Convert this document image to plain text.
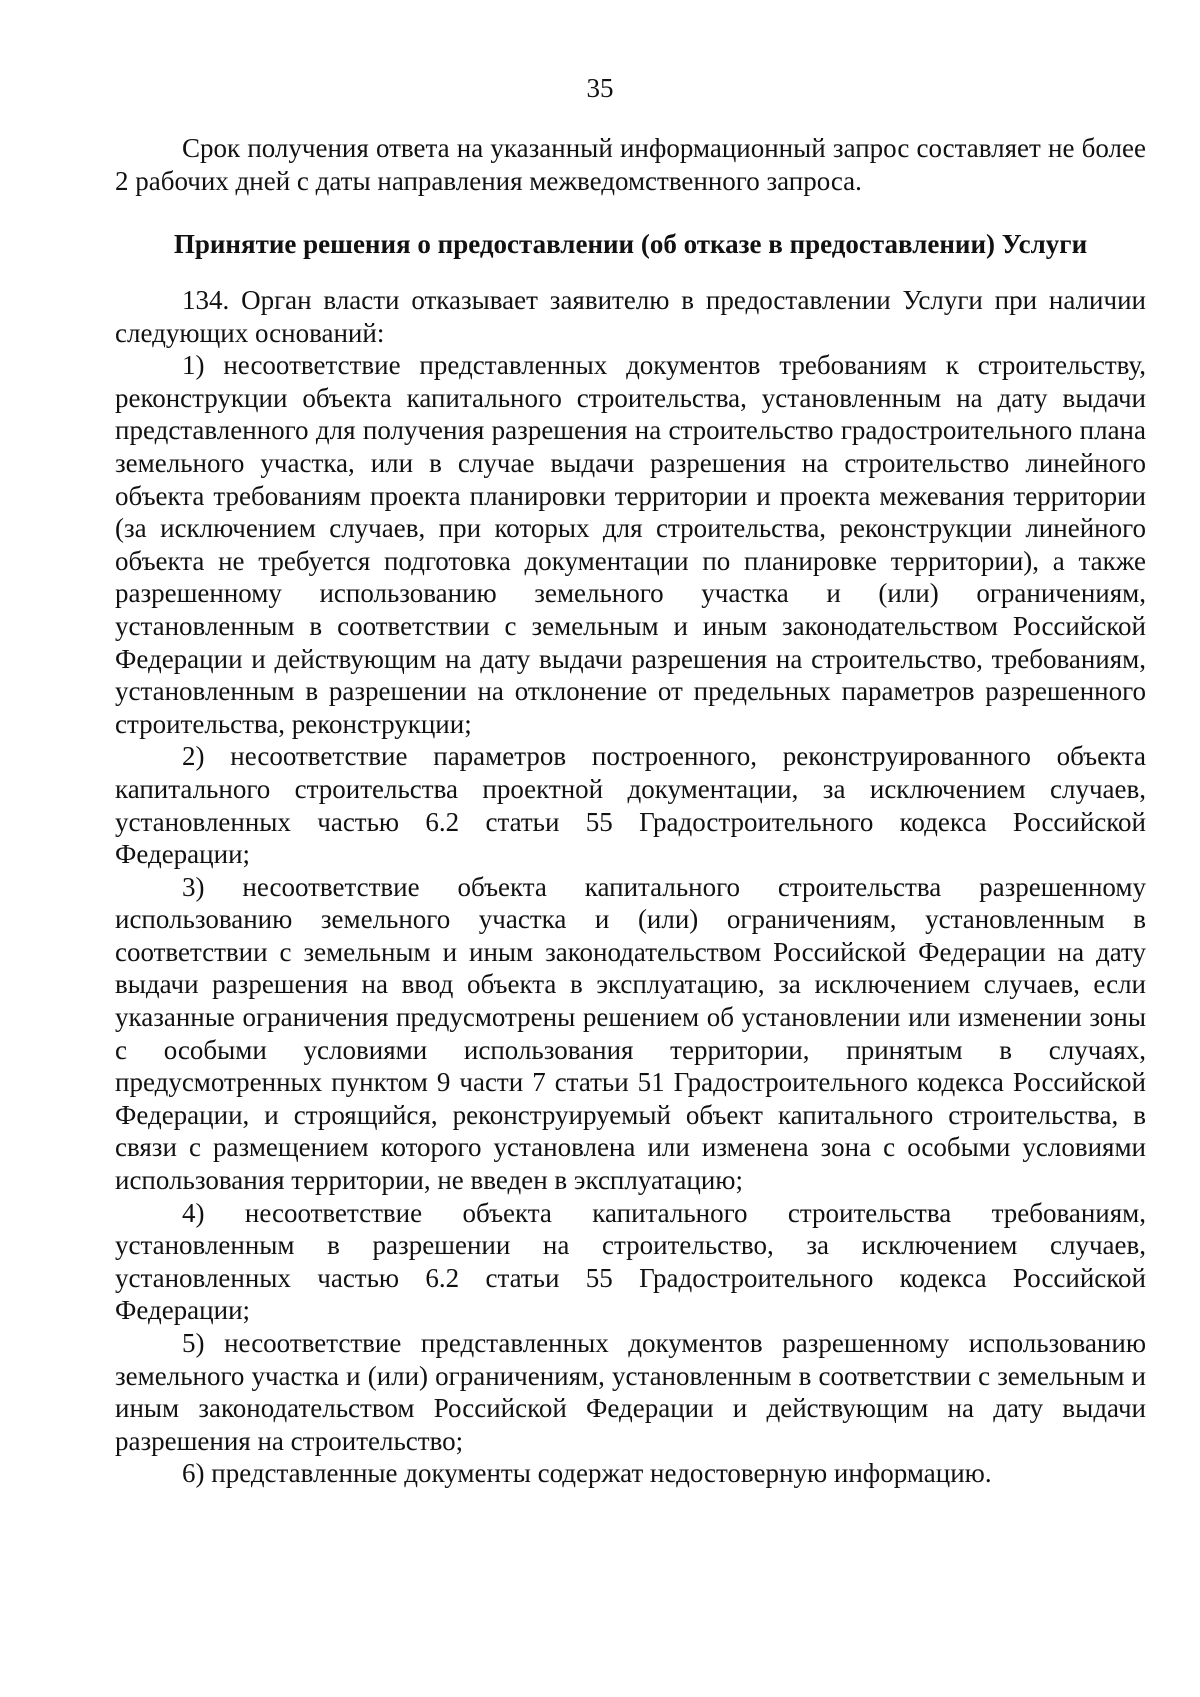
35

Срок получения ответа на указанный информационный запрос составляет не более 2 рабочих дней с даты направления межведомственного запроса.

Принятие решения о предоставлении (об отказе в предоставлении) Услуги

134. Орган власти отказывает заявителю в предоставлении Услуги при наличии следующих оснований:

1) несоответствие представленных документов требованиям к строительству, реконструкции объекта капитального строительства, установленным на дату выдачи представленного для получения разрешения на строительство градостроительного плана земельного участка, или в случае выдачи разрешения на строительство линейного объекта требованиям проекта планировки территории и проекта межевания территории (за исключением случаев, при которых для строительства, реконструкции линейного объекта не требуется подготовка документации по планировке территории), а также разрешенному использованию земельного участка и (или) ограничениям, установленным в соответствии с земельным и иным законодательством Российской Федерации и действующим на дату выдачи разрешения на строительство, требованиям, установленным в разрешении на отклонение от предельных параметров разрешенного строительства, реконструкции;

2) несоответствие параметров построенного, реконструированного объекта капитального строительства проектной документации, за исключением случаев, установленных частью 6.2 статьи 55 Градостроительного кодекса Российской Федерации;

3) несоответствие объекта капитального строительства разрешенному использованию земельного участка и (или) ограничениям, установленным в соответствии с земельным и иным законодательством Российской Федерации на дату выдачи разрешения на ввод объекта в эксплуатацию, за исключением случаев, если указанные ограничения предусмотрены решением об установлении или изменении зоны с особыми условиями использования территории, принятым в случаях, предусмотренных пунктом 9 части 7 статьи 51 Градостроительного кодекса Российской Федерации, и строящийся, реконструируемый объект капитального строительства, в связи с размещением которого установлена или изменена зона с особыми условиями использования территории, не введен в эксплуатацию;

4) несоответствие объекта капитального строительства требованиям, установленным в разрешении на строительство, за исключением случаев, установленных частью 6.2 статьи 55 Градостроительного кодекса Российской Федерации;

5) несоответствие представленных документов разрешенному использованию земельного участка и (или) ограничениям, установленным в соответствии с земельным и иным законодательством Российской Федерации и действующим на дату выдачи разрешения на строительство;

6) представленные документы содержат недостоверную информацию.
